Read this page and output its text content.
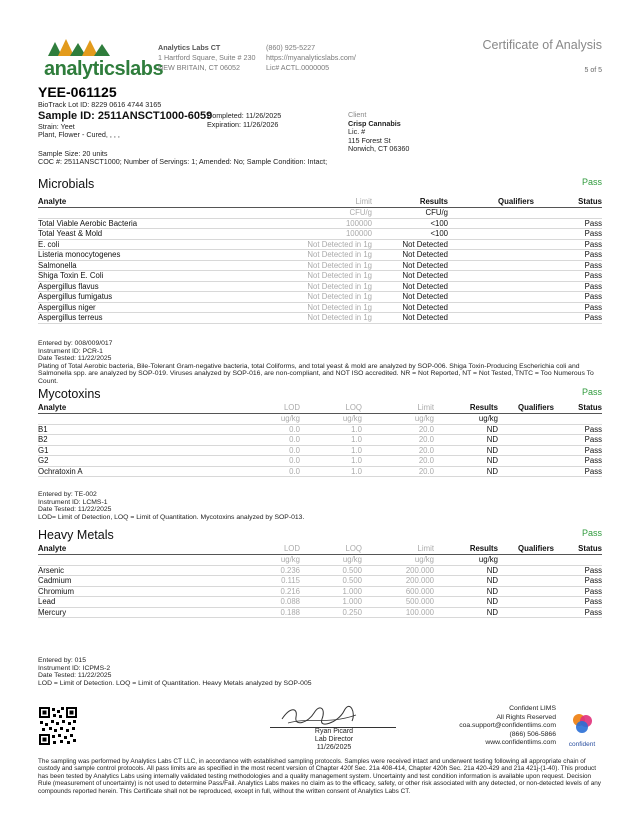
analyticslabs
Analytics Labs CT
1 Hartford Square, Suite # 230
NEW BRITAIN, CT 06052
(860) 925-5227
https://myanalyticslabs.com/
Lic# ACTL.0000005
Certificate of Analysis
5 of 5
YEE-061125
BioTrack Lot ID: 8229 0616 4744 3165
Sample ID: 2511ANSCT1000-6059
Strain: Yeet
Plant, Flower - Cured, , , ,
Completed: 11/26/2025
Expiration: 11/26/2026
Client
Crisp Cannabis
Lic. #
115 Forest St
Norwich, CT 06360
Sample Size: 20 units
COC #: 2511ANSCT1000; Number of Servings: 1; Amended: No; Sample Condition: Intact;
Microbials	Pass
Analyte	Limit	Results	Qualifiers	Status
	CFU/g	CFU/g		
Total Viable Aerobic Bacteria	100000	<100		Pass
Total Yeast & Mold	100000	<100		Pass
E. coli	Not Detected in 1g	Not Detected		Pass
Listeria monocytogenes	Not Detected in 1g	Not Detected		Pass
Salmonella	Not Detected in 1g	Not Detected		Pass
Shiga Toxin E. Coli	Not Detected in 1g	Not Detected		Pass
Aspergillus flavus	Not Detected in 1g	Not Detected		Pass
Aspergillus fumigatus	Not Detected in 1g	Not Detected		Pass
Aspergillus niger	Not Detected in 1g	Not Detected		Pass
Aspergillus terreus	Not Detected in 1g	Not Detected		Pass
Entered by: 008/009/017
Instrument ID: PCR-1
Date Tested: 11/22/2025
Plating of Total Aerobic bacteria, Bile-Tolerant Gram-negative bacteria, total Coliforms, and total yeast & mold are analyzed by SOP-006. Shiga Toxin-Producing Escherichia coli and Salmonella spp. are analyzed by SOP-019. Viruses analyzed by SOP-016, are non-compliant, and NOT ISO accredited. NR = Not Reported, NT = Not Tested, TNTC = Too Numerous To Count.
Mycotoxins	Pass
Analyte	LOD	LOQ	Limit	Results	Qualifiers	Status
	ug/kg	ug/kg	ug/kg	ug/kg		
B1	0.0	1.0	20.0	ND		Pass
B2	0.0	1.0	20.0	ND		Pass
G1	0.0	1.0	20.0	ND		Pass
G2	0.0	1.0	20.0	ND		Pass
Ochratoxin A	0.0	1.0	20.0	ND		Pass
Entered by: TE-002
Instrument ID: LCMS-1
Date Tested: 11/22/2025
LOD= Limit of Detection, LOQ = Limit of Quantitation. Mycotoxins analyzed by SOP-013.
Heavy Metals	Pass
Analyte	LOD	LOQ	Limit	Results	Qualifiers	Status
	ug/kg	ug/kg	ug/kg	ug/kg		
Arsenic	0.236	0.500	200.000	ND		Pass
Cadmium	0.115	0.500	200.000	ND		Pass
Chromium	0.216	1.000	600.000	ND		Pass
Lead	0.088	1.000	500.000	ND		Pass
Mercury	0.188	0.250	100.000	ND		Pass
Entered by: 015
Instrument ID: ICPMS-2
Date Tested: 11/22/2025
LOD = Limit of Detection. LOQ = Limit of Quantitation. Heavy Metals analyzed by SOP-005
Ryan Picard
Lab Director
11/26/2025
Confident LIMS
All Rights Reserved
coa.support@confidentlims.com
(866) 506-5866
www.confidentlims.com	confident
The sampling was performed by Analytics Labs CT LLC, in accordance with established sampling protocols. Samples were received intact and underwent testing following all appropriate chain of custody and sample control protocols. All pass limits are as specified in the most recent version of Chapter 420f Sec. 21a 408-414, Chapter 420h Sec. 21a 420-429 and 21a 421j-(1-40). This product has been tested by Analytics Labs using internally validated testing methodologies and a quality management system. Uncertainty and test condition information is available upon request. Decision Rule (measurement of uncertainty) is not used to determine Pass/Fail. Analytics Labs makes no claim as to the efficacy, safety, or other risk associated with any detected, or non-detected levels of any compounds reported herein. This Certificate shall not be reproduced, except in full, without the written consent of Analytics Labs CT.
